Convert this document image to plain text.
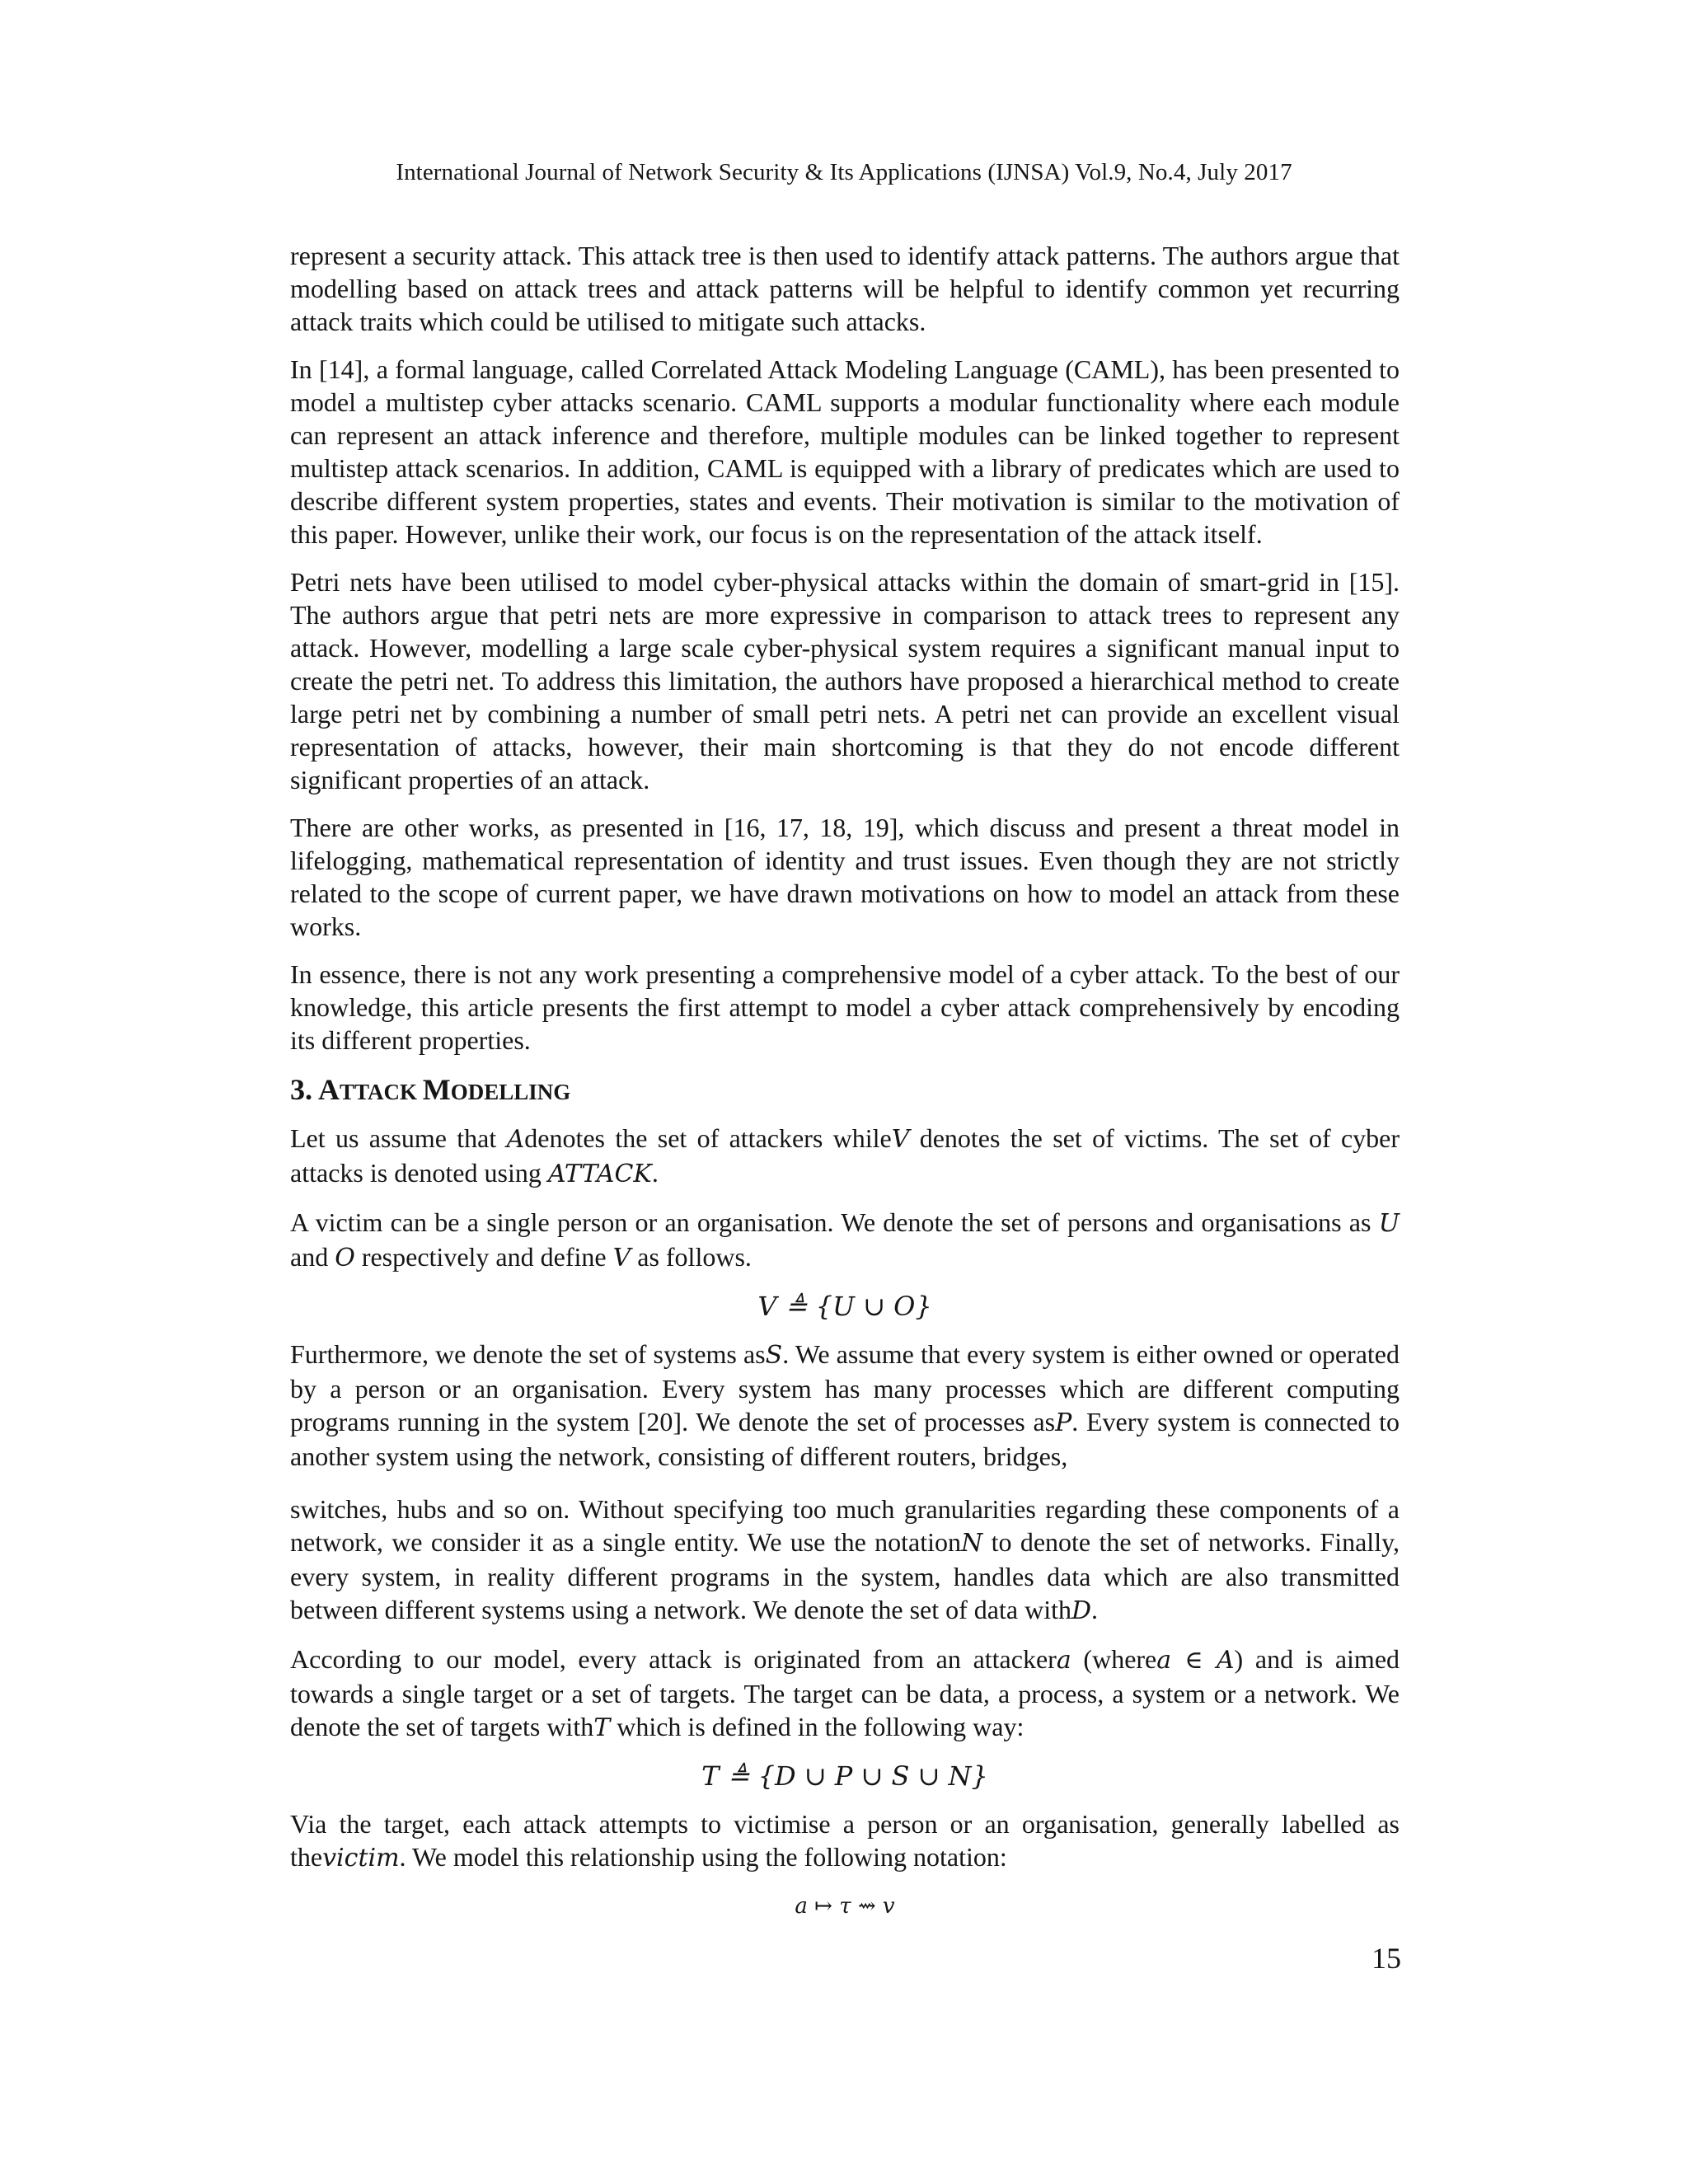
International Journal of Network Security & Its Applications (IJNSA) Vol.9, No.4, July 2017

represent a security attack. This attack tree is then used to identify attack patterns. The authors argue that modelling based on attack trees and attack patterns will be helpful to identify common yet recurring attack traits which could be utilised to mitigate such attacks.

In [14], a formal language, called Correlated Attack Modeling Language (CAML), has been presented to model a multistep cyber attacks scenario. CAML supports a modular functionality where each module can represent an attack inference and therefore, multiple modules can be linked together to represent multistep attack scenarios. In addition, CAML is equipped with a library of predicates which are used to describe different system properties, states and events. Their motivation is similar to the motivation of this paper. However, unlike their work, our focus is on the representation of the attack itself.

Petri nets have been utilised to model cyber-physical attacks within the domain of smart-grid in [15]. The authors argue that petri nets are more expressive in comparison to attack trees to represent any attack. However, modelling a large scale cyber-physical system requires a significant manual input to create the petri net. To address this limitation, the authors have proposed a hierarchical method to create large petri net by combining a number of small petri nets. A petri net can provide an excellent visual representation of attacks, however, their main shortcoming is that they do not encode different significant properties of an attack.

There are other works, as presented in [16, 17, 18, 19], which discuss and present a threat model in lifelogging, mathematical representation of identity and trust issues. Even though they are not strictly related to the scope of current paper, we have drawn motivations on how to model an attack from these works.

In essence, there is not any work presenting a comprehensive model of a cyber attack. To the best of our knowledge, this article presents the first attempt to model a cyber attack comprehensively by encoding its different properties.

3. ATTACK MODELLING

Let us assume that Adenotes the set of attackers whileV denotes the set of victims. The set of cyber attacks is denoted using ATTACK.

A victim can be a single person or an organisation. We denote the set of persons and organisations as U and O respectively and define V as follows.

V ≜ {U ∪ O}

Furthermore, we denote the set of systems asS. We assume that every system is either owned or operated by a person or an organisation. Every system has many processes which are different computing programs running in the system [20]. We denote the set of processes asP. Every system is connected to another system using the network, consisting of different routers, bridges,

switches, hubs and so on. Without specifying too much granularities regarding these components of a network, we consider it as a single entity. We use the notationN to denote the set of networks. Finally, every system, in reality different programs in the system, handles data which are also transmitted between different systems using a network. We denote the set of data withD.

According to our model, every attack is originated from an attackera (wherea ∈ A) and is aimed towards a single target or a set of targets. The target can be data, a process, a system or a network. We denote the set of targets withT which is defined in the following way:

T ≜ {D ∪ P ∪ S ∪ N}

Via the target, each attack attempts to victimise a person or an organisation, generally labelled as thevictim. We model this relationship using the following notation:

a ↦ τ ⇝ v
15
